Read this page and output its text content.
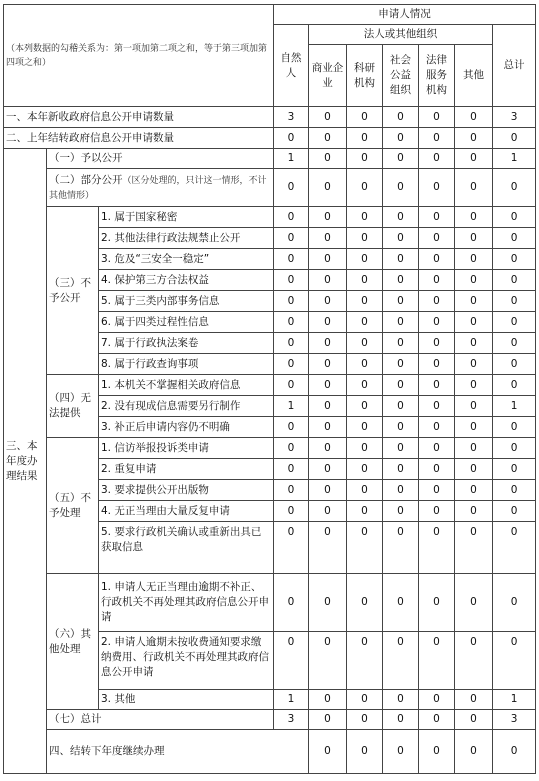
（本列数据的勾稽关系为：第一项加第二项之和，等于第三项加第四项之和）			申请人情况							
			自然人	法人或其他组织					总计	
				商业企业	科研机构	社会公益组织	法律服务机构	其他		
一、本年新收政府信息公开申请数量			3	0	0	0	0	0	3	
二、上年结转政府信息公开申请数量			0	0	0	0	0	0	0	
三、本年度办理结果	（一）予以公开		1	0	0	0	0	0	1	
	（二）部分公开（区分处理的，只计这一情形，不计其他情形）		0	0	0	0	0	0	0	
	（三）不予公开	1. 属于国家秘密	0	0	0	0	0	0	0	
		2. 其他法律行政法规禁止公开	0	0	0	0	0	0	0	
		3. 危及“三安全一稳定”	0	0	0	0	0	0	0	
		4. 保护第三方合法权益	0	0	0	0	0	0	0	
		5. 属于三类内部事务信息	0	0	0	0	0	0	0	
		6. 属于四类过程性信息	0	0	0	0	0	0	0	
		7. 属于行政执法案卷	0	0	0	0	0	0	0	
		8. 属于行政查询事项	0	0	0	0	0	0	0	
	（四）无法提供	1. 本机关不掌握相关政府信息	0	0	0	0	0	0	0	
		2. 没有现成信息需要另行制作	1	0	0	0	0	0	1	
		3. 补正后申请内容仍不明确	0	0	0	0	0	0	0	
	（五）不予处理	1. 信访举报投诉类申请	0	0	0	0	0	0	0	
		2. 重复申请	0	0	0	0	0	0	0	
		3. 要求提供公开出版物	0	0	0	0	0	0	0	
		4. 无正当理由大量反复申请	0	0	0	0	0	0	0	
		5. 要求行政机关确认或重新出具已获取信息	0	0	0	0	0	0	0	
	（六）其他处理	1. 申请人无正当理由逾期不补正、行政机关不再处理其政府信息公开申请	0	0	0	0	0	0	0	
		2. 申请人逾期未按收费通知要求缴纳费用、行政机关不再处理其政府信息公开申请	0	0	0	0	0	0	0	
		3. 其他	1	0	0	0	0	0	1	
	（七）总计		3	0	0	0	0	0	3	
	四、结转下年度继续办理			0	0	0	0	0	0	
